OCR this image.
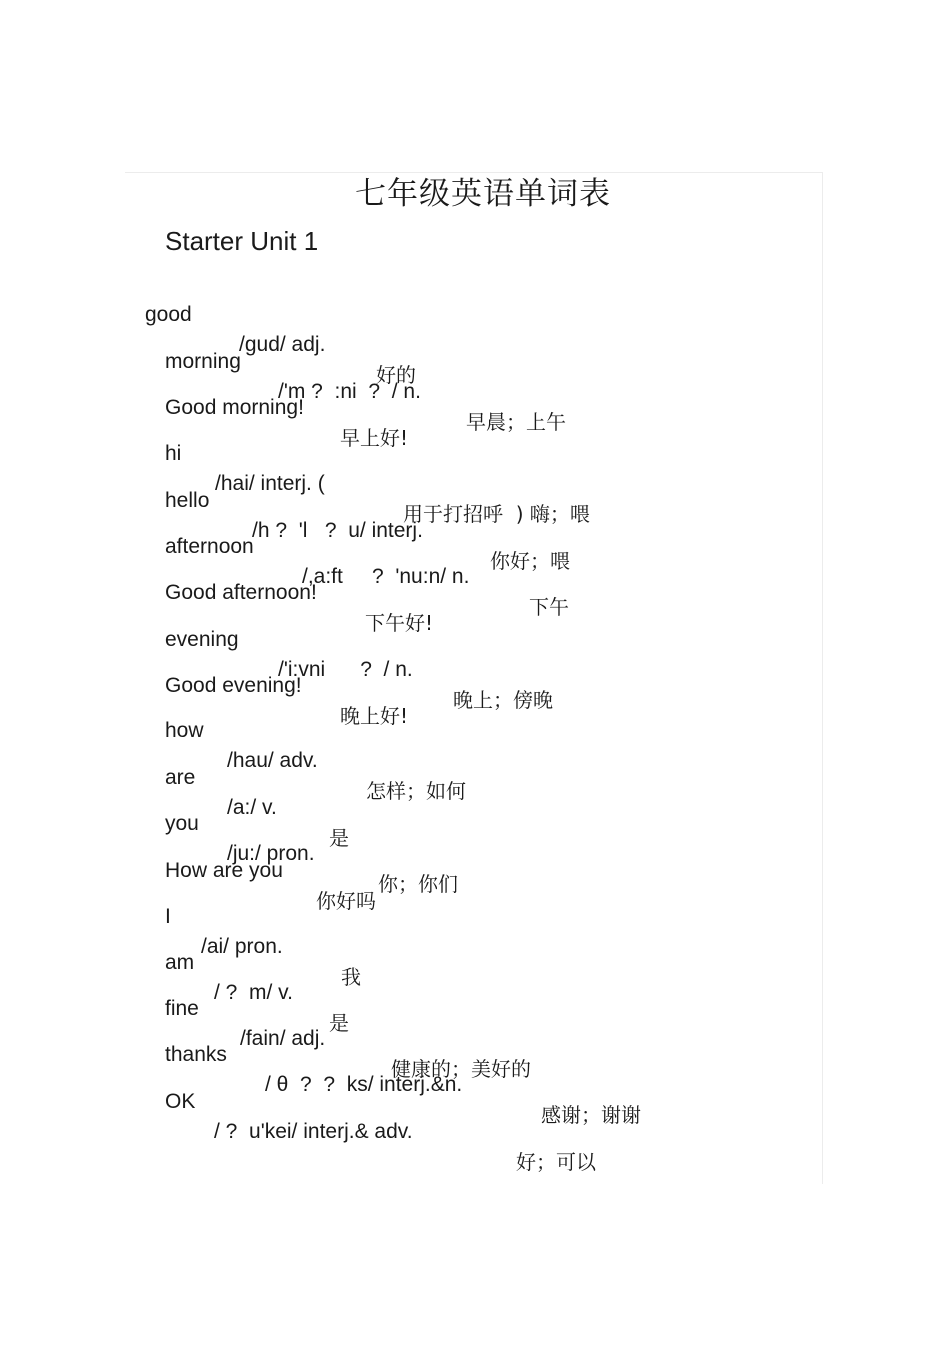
七年级英语单词表
Starter Unit 1

good

/gud/ adj.

好的

morning

/'m ?  :ni  ?  / n.

早晨；上午

Good morning!

早上好!

hi

/hai/ interj. (

用于打招呼  ) 嗨；喂

hello

/h ?  'l   ?  u/ interj.

你好；喂

afternoon

/,a:ft     ?  'nu:n/ n.

下午

Good afternoon!

下午好!

evening

/'i:vni      ?  / n.

晚上；傍晚

Good evening!

晚上好!

how

/hau/ adv.

怎样；如何

are

/a:/ v.

是

you

/ju:/ pron.

你；你们

How are you

你好吗

I

/ai/ pron.

我

am

/ ?  m/ v.

是

fine

/fain/ adj.

健康的；美好的

thanks

/ θ  ?  ?  ks/ interj.&n.

感谢；谢谢

OK

/ ?  u'kei/ interj.& adv.

好；可以
